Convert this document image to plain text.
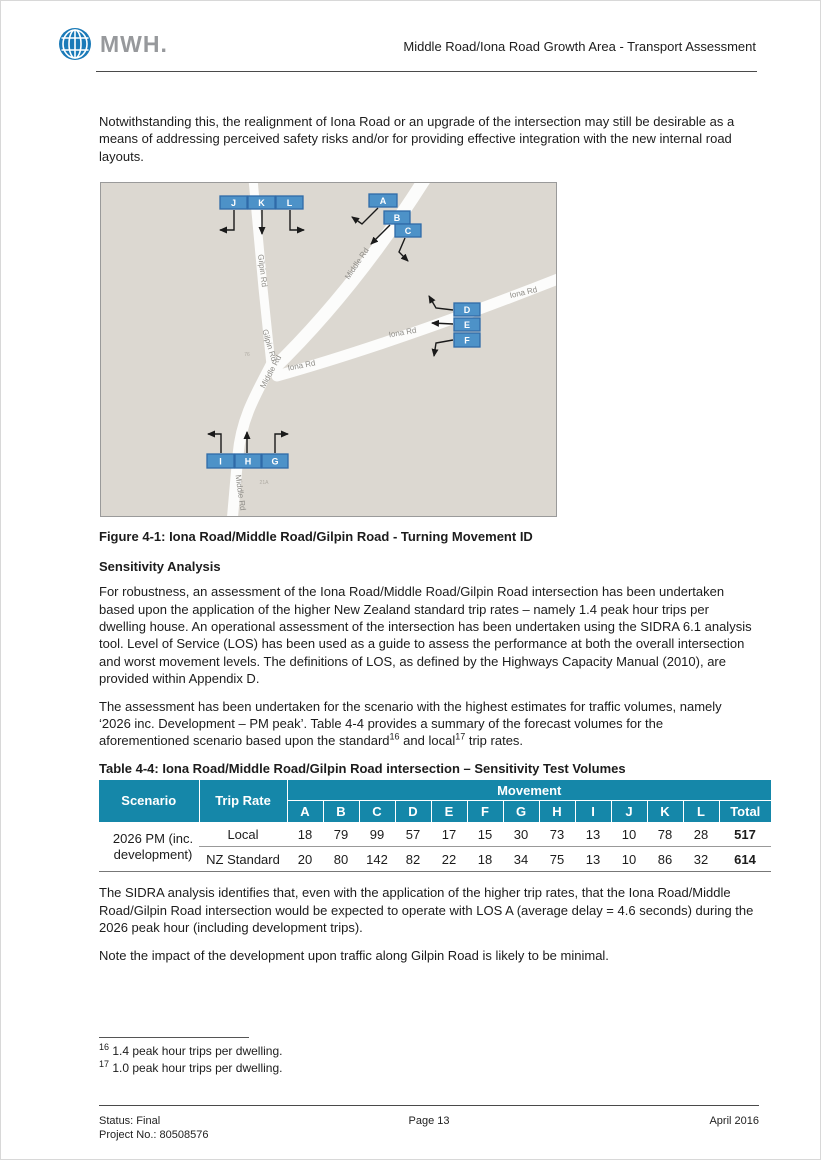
MWH.	Middle Road/Iona Road Growth Area - Transport Assessment

Notwithstanding this, the realignment of Iona Road or an upgrade of the intersection may still be desirable as a means of addressing perceived safety risks and/or for providing effective integration with the new internal road layouts.

Gilpin Rd
Gilpin Rd
Middle Rd
Middle Rd
Middle Rd
Iona Rd
Iona Rd
Iona Rd
76
21A
J K L	A
B
C
D
E
F
I	H G
Figure 4-1: Iona Road/Middle Road/Gilpin Road - Turning Movement ID
Sensitivity Analysis

For robustness, an assessment of the Iona Road/Middle Road/Gilpin Road intersection has been undertaken based upon the application of the higher New Zealand standard trip rates – namely 1.4 peak hour trips per dwelling house. An operational assessment of the intersection has been undertaken using the SIDRA 6.1 analysis tool. Level of Service (LOS) has been used as a guide to assess the performance at both the overall intersection and worst movement levels. The definitions of LOS, as defined by the Highways Capacity Manual (2010), are provided within Appendix D.

The assessment has been undertaken for the scenario with the highest estimates for traffic volumes, namely ‘2026 inc. Development – PM peak’. Table 4-4 provides a summary of the forecast volumes for the aforementioned scenario based upon the standard$^{16}$ and local$^{17}$ trip rates.

Table 4-4: Iona Road/Middle Road/Gilpin Road intersection – Sensitivity Test Volumes
Scenario	Trip Rate	Movement												
		A	B	C	D	E	F	G	H	I	J	K	L	Total
2026 PM (inc.
development)	Local	18	79	99	57	17	15	30	73	13	10	78	28	517
	NZ Standard	20	80	142	82	22	18	34	75	13	10	86	32	614

The SIDRA analysis identifies that, even with the application of the higher trip rates, that the Iona Road/Middle Road/Gilpin Road intersection would be expected to operate with LOS A (average delay = 4.6 seconds) during the 2026 peak hour (including development trips).

Note the impact of the development upon traffic along Gilpin Road is likely to be minimal.

$^{16}$ 1.4 peak hour trips per dwelling.
$^{17}$ 1.0 peak hour trips per dwelling.
Status: Final
Project No.: 80508576
Page 13	April 2016
